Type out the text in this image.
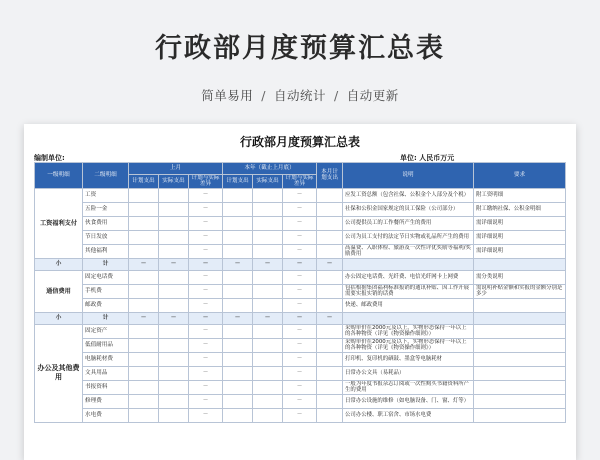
行政部月度预算汇总表
简单易用 / 自动统计 / 自动更新
行政部月度预算汇总表
编制单位:	单位: 人民币万元
一级明细	二级明细	上月			本年（截止上月底）			本月计划支出	说明	要求
		计划支出	实际支出	计划与实际差异	计划支出	实际支出	计划与实际差异			
工资福利支付	工资			－			－		应发工资总额（包含社保、公积金个人部分及个税）	附工资明细
	五险一金			－			－		社保和公积金国家规定的员工保险（公司部分）	附工缴纳社保、公积金明细
	伙食费用			－			－		公司提供员工的工作餐所产生的费用	需详细说明
	节日发放			－			－		公司为员工支付的法定节日实物或礼品所产生的费用	需详细说明
	其他福利			－			－		高温费、入职体检、旅游及一次性评优奖励等福利/奖励费用	需详细说明
小	计	－	－	－	－	－	－	－		
通信费用	固定电话费			－			－		办公固定电话费、光纤费、电信光纤网卡上网费	需分类说明
	手机费			－			－		包括根据集团福利标准报销的通讯补贴、因工作开展需要实报实销的话费	需说明补贴金额和实报的金额分别是多少
	邮政费			－			－		快递、邮政费用	
小	计	－	－	－	－	－	－	－		
办公及其他费用	固定资产			－			－		采购单价在2000元及以上，实物形态保持一年以上的各种物资（详见《物资操作细则》）	
	低值耐用品			－			－		采购单价在2000元及以下，实物形态保持一年以上的各种物资（详见《物资操作细则》）	
	电脑耗材费			－			－		打印机、复印机的硒鼓、墨盒等电脑耗材	
	文具用品			－			－		日常办公文具（易耗品）	
	书报资料			－			－		一般为年度书报杂志订阅或一次性购买书籍资料所产生的费用	
	修理费			－			－		日常办公设施的维修（如电脑设备、门、窗、灯等）	
	水电费			－			－		公司办公楼、职工宿舍、市场水电费	
